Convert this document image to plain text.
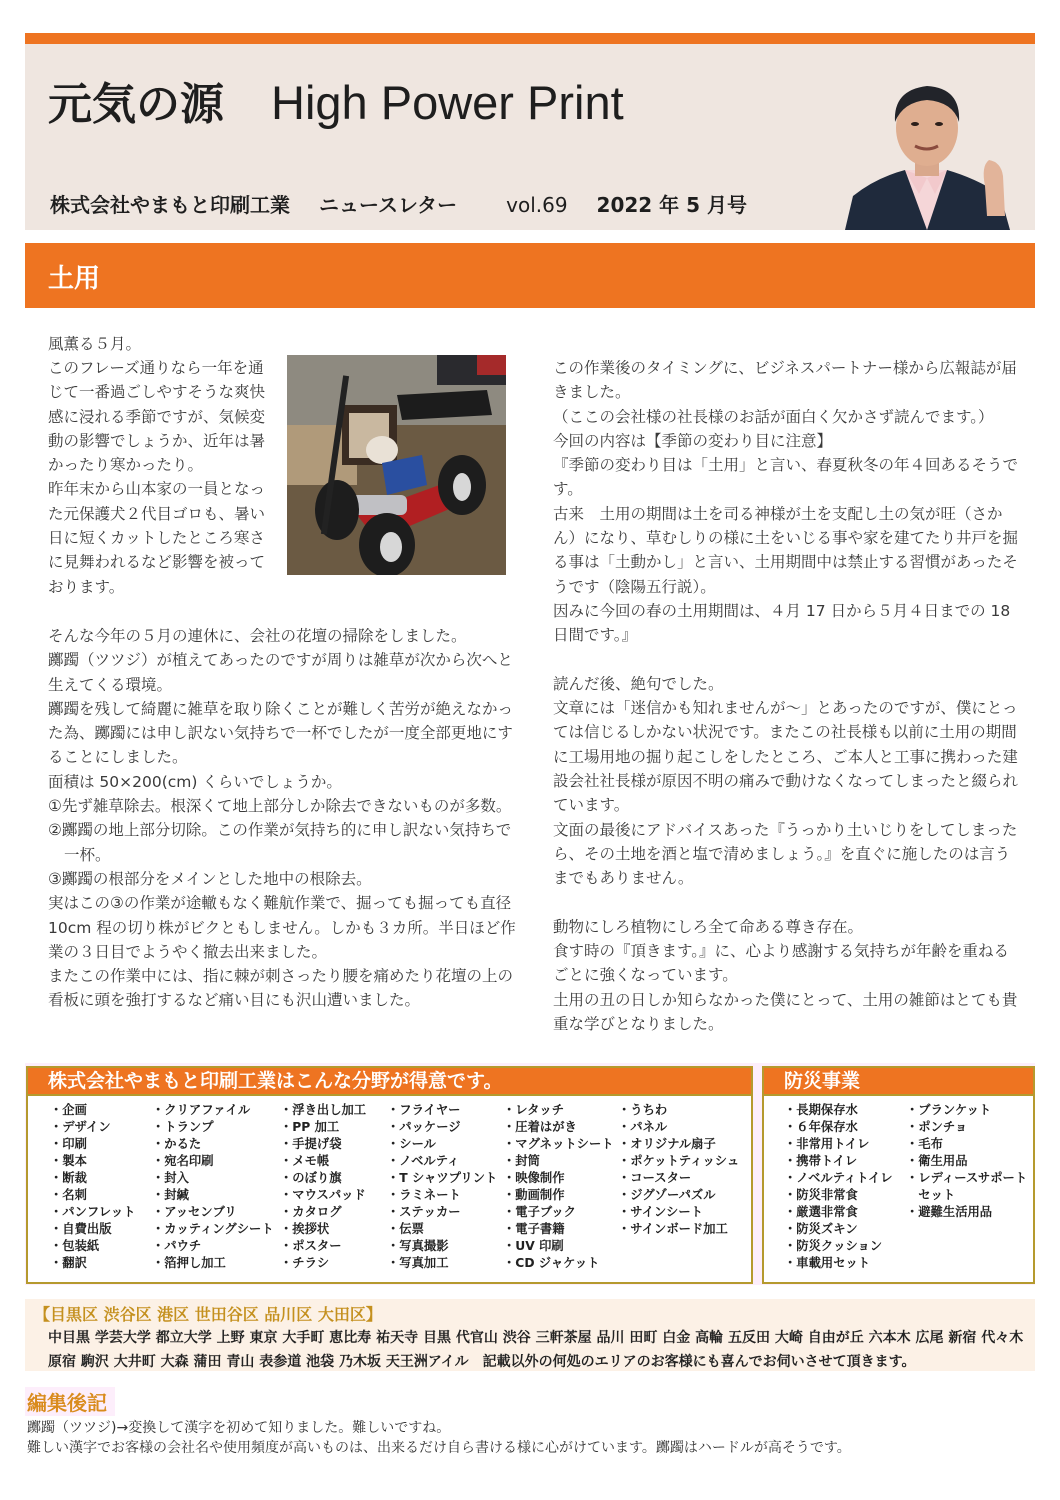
元気の源　 High Power Print
株式会社やまもと印刷工業 ニュースレター vol.69 2022 年 5 月号
土用

風薫る５月。

このフレーズ通りなら一年を通じて一番過ごしやすそうな爽快感に浸れる季節ですが、気候変動の影響でしょうか、近年は暑かったり寒かったり。

昨年末から山本家の一員となった元保護犬２代目ゴロも、暑い日に短くカットしたところ寒さに見舞われるなど影響を被っております。

そんな今年の５月の連休に、会社の花壇の掃除をしました。

躑躅（ツツジ）が植えてあったのですが周りは雑草が次から次へと生えてくる環境。

躑躅を残して綺麗に雑草を取り除くことが難しく苦労が絶えなかった為、躑躅には申し訳ない気持ちで一杯でしたが一度全部更地にすることにしました。

面積は 50×200(cm) くらいでしょうか。

①先ず雑草除去。根深くて地上部分しか除去できないものが多数。

②躑躅の地上部分切除。この作業が気持ち的に申し訳ない気持ちで

一杯。

③躑躅の根部分をメインとした地中の根除去。

実はこの③の作業が途轍もなく難航作業で、掘っても掘っても直径10cm 程の切り株がビクともしません。しかも３カ所。半日ほど作業の３日目でようやく撤去出来ました。

またこの作業中には、指に棘が刺さったり腰を痛めたり花壇の上の看板に頭を強打するなど痛い目にも沢山遭いました。

この作業後のタイミングに、ビジネスパートナー様から広報誌が届きました。

（ここの会社様の社長様のお話が面白く欠かさず読んでます。）

今回の内容は【季節の変わり目に注意】

『季節の変わり目は「土用」と言い、春夏秋冬の年４回あるそうです。

古来　土用の期間は土を司る神様が土を支配し土の気が旺（さかん）になり、草むしりの様に土をいじる事や家を建てたり井戸を掘る事は「土動かし」と言い、土用期間中は禁止する習慣があったそうです（陰陽五行説）。

因みに今回の春の土用期間は、４月 17 日から５月４日までの 18 日間です。』

読んだ後、絶句でした。

文章には「迷信かも知れませんが〜」とあったのですが、僕にとっては信じるしかない状況です。またこの社長様も以前に土用の期間に工場用地の掘り起こしをしたところ、ご本人と工事に携わった建設会社社長様が原因不明の痛みで動けなくなってしまったと綴られています。

文面の最後にアドバイスあった『うっかり土いじりをしてしまったら、その土地を酒と塩で清めましょう。』を直ぐに施したのは言うまでもありません。

動物にしろ植物にしろ全て命ある尊き存在。

食す時の『頂きます。』に、心より感謝する気持ちが年齢を重ねるごとに強くなっています。

土用の丑の日しか知らなかった僕にとって、土用の雑節はとても貴重な学びとなりました。

株式会社やまもと印刷工業はこんな分野が得意です。
・企画
・デザイン
・印刷
・製本
・断裁
・名刺
・パンフレット
・自費出版
・包装紙
・翻訳
・クリアファイル
・トランプ
・かるた
・宛名印刷
・封入
・封緘
・アッセンブリ
・カッティングシート
・パウチ
・箔押し加工
・浮き出し加工
・PP 加工
・手提げ袋
・メモ帳
・のぼり旗
・マウスパッド
・カタログ
・挨拶状
・ポスター
・チラシ
・フライヤー
・パッケージ
・シール
・ノベルティ
・T シャツプリント
・ラミネート
・ステッカー
・伝票
・写真撮影
・写真加工
・レタッチ
・圧着はがき
・マグネットシート
・封筒
・映像制作
・動画制作
・電子ブック
・電子書籍
・UV 印刷
・CD ジャケット
・うちわ
・パネル
・オリジナル扇子
・ポケットティッシュ
・コースター
・ジグゾーパズル
・サインシート
・サインボード加工
防災事業
・長期保存水
・６年保存水
・非常用トイレ
・携帯トイレ
・ノベルティトイレ
・防災非常食
・厳選非常食
・防災ズキン
・防災クッション
・車載用セット
・ブランケット
・ポンチョ
・毛布
・衛生用品
・レディースサポート
　セット
・避難生活用品
【目黒区 渋谷区 港区 世田谷区 品川区 大田区】
中目黒 学芸大学 都立大学 上野 東京 大手町 恵比寿 祐天寺 目黒 代官山 渋谷 三軒茶屋 品川 田町 白金 高輪 五反田 大崎 自由が丘 六本木 広尾 新宿 代々木
原宿 駒沢 大井町 大森 蒲田 青山 表参道 池袋 乃木坂 天王洲アイル　記載以外の何処のエリアのお客様にも喜んでお伺いさせて頂きます。
編集後記
躑躅（ツツジ)→変換して漢字を初めて知りました。難しいですね。
難しい漢字でお客様の会社名や使用頻度が高いものは、出来るだけ自ら書ける様に心がけています。躑躅はハードルが高そうです。
